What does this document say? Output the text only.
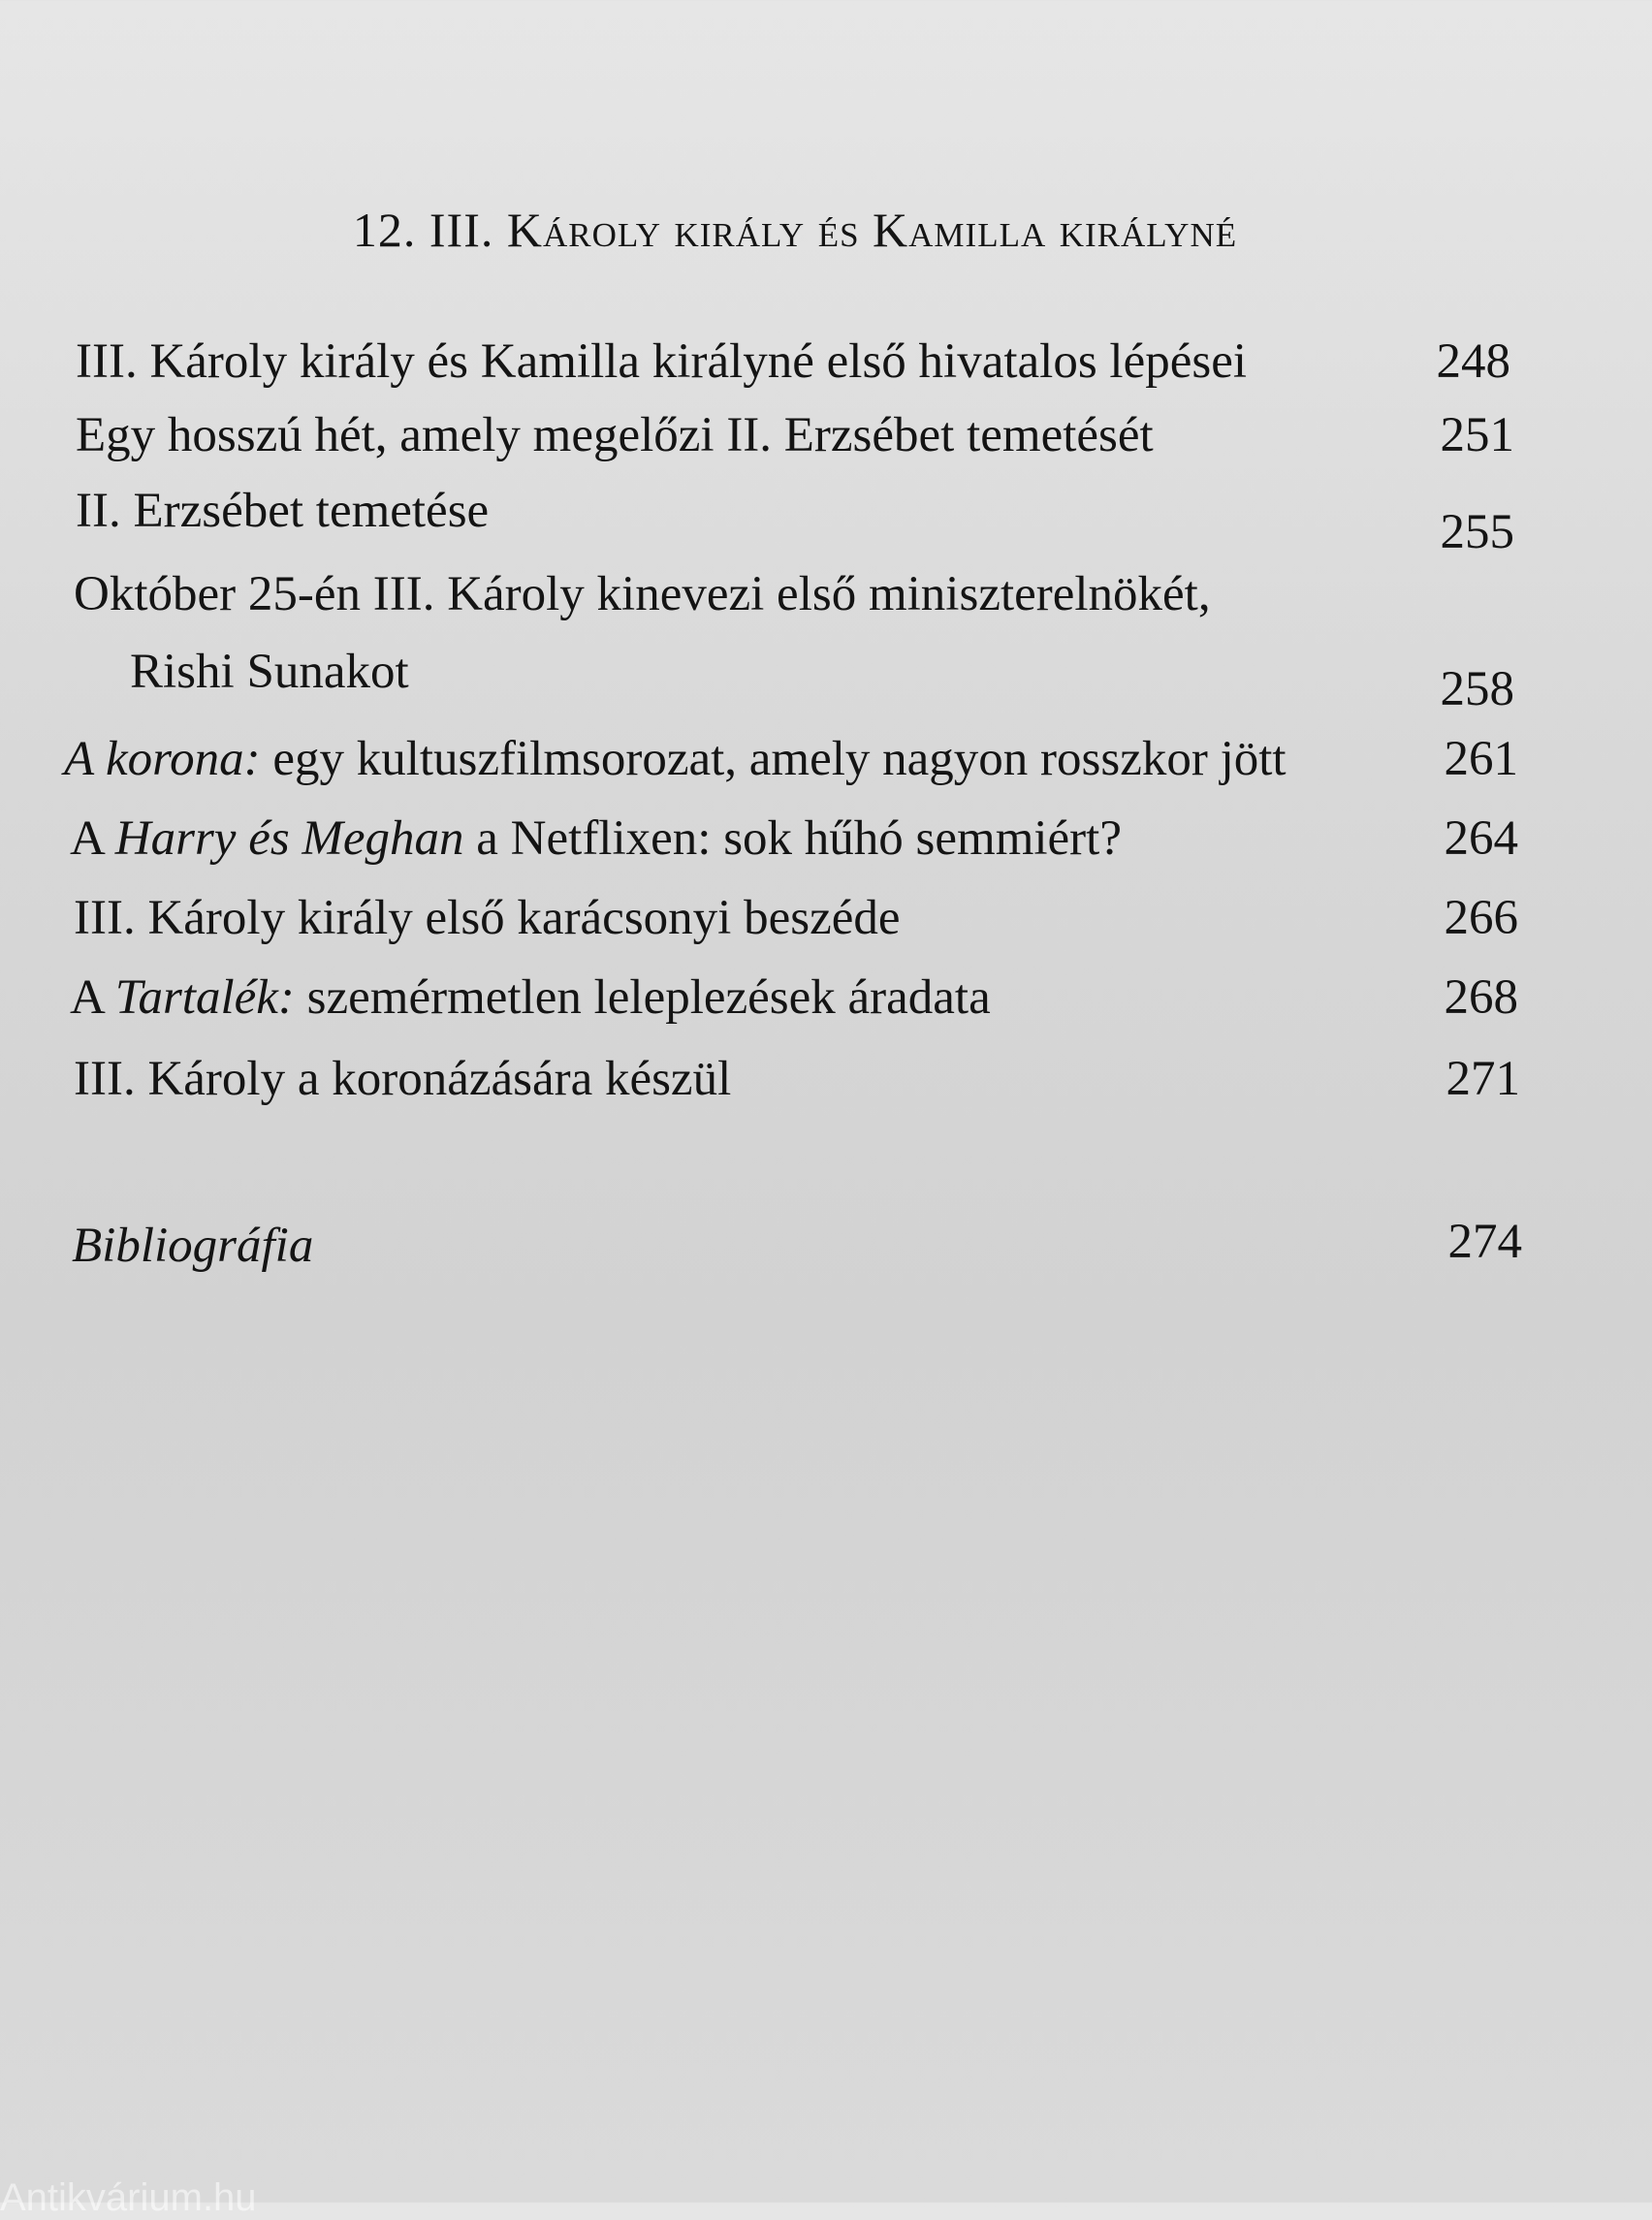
12. III. Károly király és Kamilla királyné
III. Károly király és Kamilla királyné első hivatalos lépései	248
Egy hosszú hét, amely megelőzi II. Erzsébet temetését	251
II. Erzsébet temetése	255
Október 25-én III. Károly kinevezi első miniszterelnökét,
Rishi Sunakot	258
A korona: egy kultuszfilmsorozat, amely nagyon rosszkor jött	261
A Harry és Meghan a Netflixen: sok hűhó semmiért?	264
III. Károly király első karácsonyi beszéde	266
A Tartalék: szemérmetlen leleplezések áradata	268
III. Károly a koronázására készül	271
Bibliográfia	274
Antikvárium.hu
